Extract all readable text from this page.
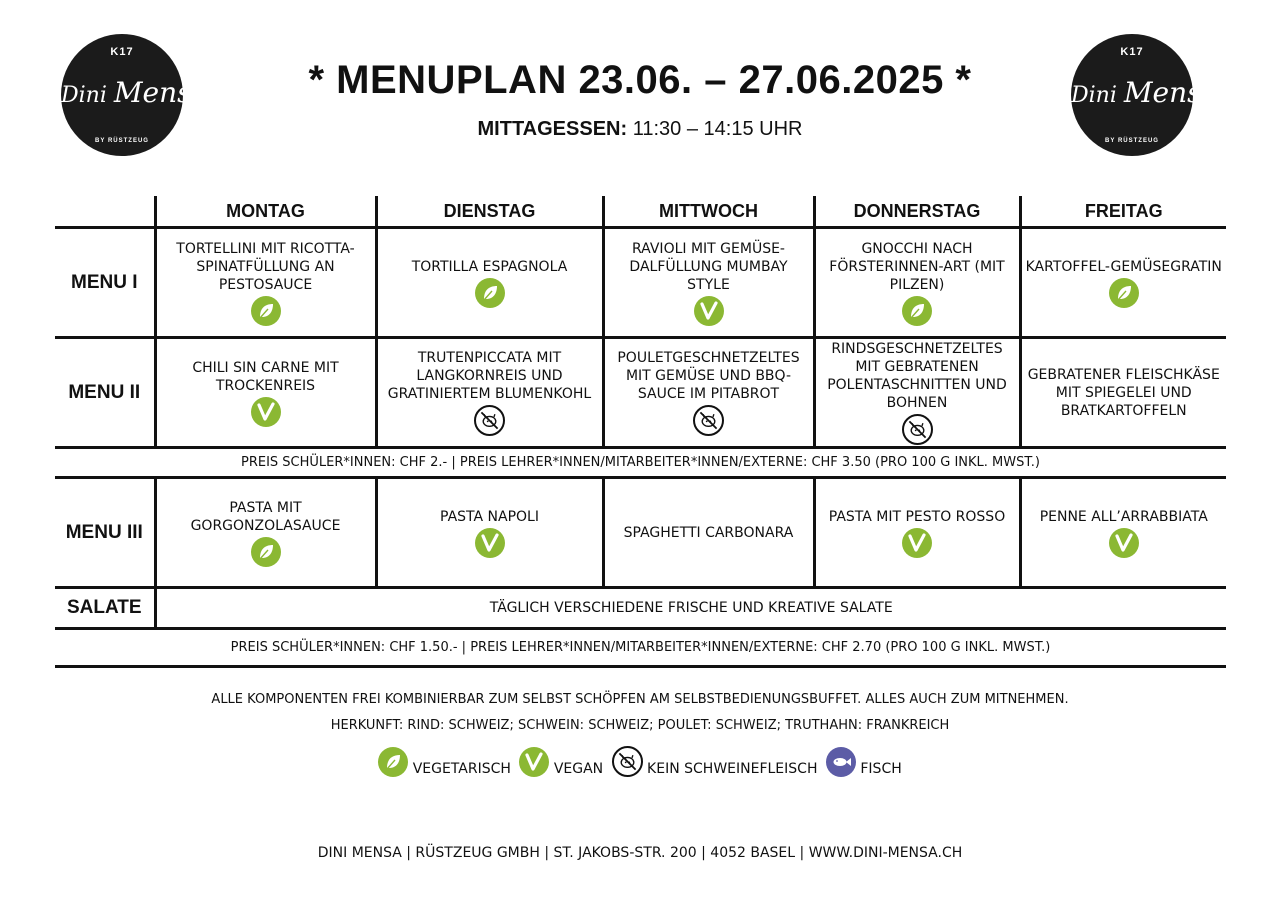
K17
Dini Mensa
BY RÜSTZEUG
K17
Dini Mensa
BY RÜSTZEUG
* MENUPLAN 23.06. – 27.06.2025 *
MITTAGESSEN: 11:30 – 14:15 UHR
	MONTAG	DIENSTAG	MITTWOCH	DONNERSTAG	FREITAG
MENU I	TORTELLINI MIT RICOTTA-SPINATFÜLLUNG AN PESTOSAUCE	TORTILLA ESPAGNOLA	RAVIOLI MIT GEMÜSE-DALFÜLLUNG MUMBAY STYLE	GNOCCHI NACH FÖRSTERINNEN-ART (MIT PILZEN)	KARTOFFEL-GEMÜSEGRATIN

MENU II	CHILI SIN CARNE MIT TROCKENREIS	TRUTENPICCATA MIT LANGKORNREIS UND GRATINIERTEM BLUMENKOHL	POULETGESCHNETZELTES MIT GEMÜSE UND BBQ-SAUCE IM PITABROT	RINDSGESCHNETZELTES MIT GEBRATENEN POLENTASCHNITTEN UND BOHNEN	GEBRATENER FLEISCHKÄSE MIT SPIEGELEI UND BRATKARTOFFELN

PREIS SCHÜLER*INNEN: CHF 2.- | PREIS LEHRER*INNEN/MITARBEITER*INNEN/EXTERNE: CHF 3.50 (PRO 100 G INKL. MWST.)					
MENU III	PASTA MIT GORGONZOLASAUCE	PASTA NAPOLI	SPAGHETTI CARBONARA	PASTA MIT PESTO ROSSO	PENNE ALL’ARRABBIATA

SALATE	TÄGLICH VERSCHIEDENE FRISCHE UND KREATIVE SALATE				
PREIS SCHÜLER*INNEN: CHF 1.50.- | PREIS LEHRER*INNEN/MITARBEITER*INNEN/EXTERNE: CHF 2.70 (PRO 100 G INKL. MWST.)					
ALLE KOMPONENTEN FREI KOMBINIERBAR ZUM SELBST SCHÖPFEN AM SELBSTBEDIENUNGSBUFFET. ALLES AUCH ZUM MITNEHMEN.
HERKUNFT: RIND: SCHWEIZ; SCHWEIN: SCHWEIZ; POULET: SCHWEIZ; TRUTHAHN: FRANKREICH
VEGETARISCH	VEGAN	KEIN SCHWEINEFLEISCH	FISCH
DINI MENSA | RÜSTZEUG GMBH | ST. JAKOBS-STR. 200 | 4052 BASEL | WWW.DINI-MENSA.CH
